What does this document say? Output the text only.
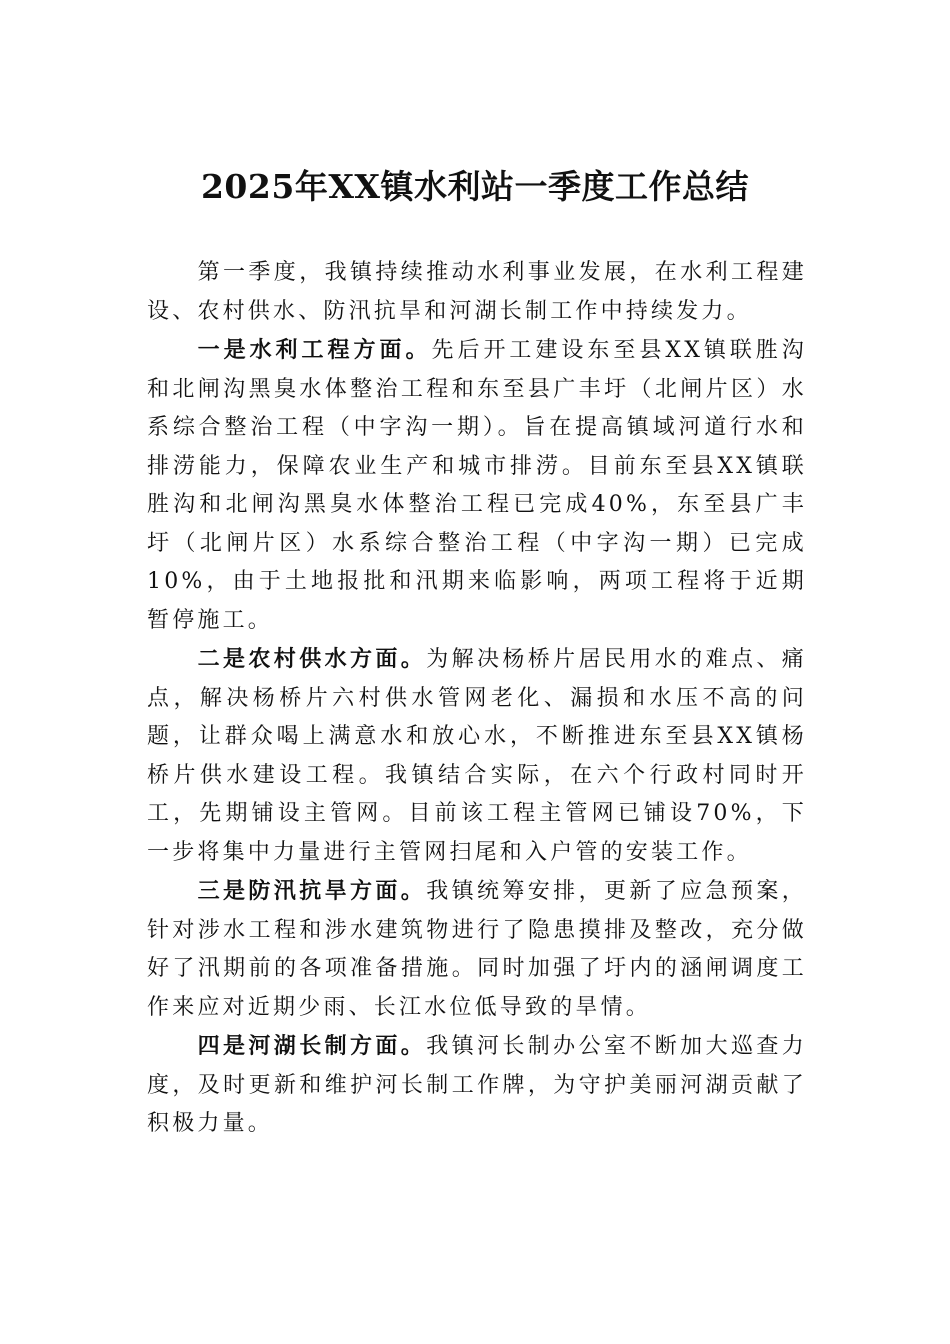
2025年XX镇水利站一季度工作总结

第一季度，我镇持续推动水利事业发展，在水利工程建设、农村供水、防汛抗旱和河湖长制工作中持续发力。

一是水利工程方面。先后开工建设东至县XX镇联胜沟和北闸沟黑臭水体整治工程和东至县广丰圩（北闸片区）水系综合整治工程（中字沟一期）。旨在提高镇域河道行水和排涝能力，保障农业生产和城市排涝。目前东至县XX镇联胜沟和北闸沟黑臭水体整治工程已完成40%，东至县广丰圩（北闸片区）水系综合整治工程（中字沟一期）已完成10%，由于土地报批和汛期来临影响，两项工程将于近期暂停施工。

二是农村供水方面。为解决杨桥片居民用水的难点、痛点，解决杨桥片六村供水管网老化、漏损和水压不高的问题，让群众喝上满意水和放心水，不断推进东至县XX镇杨桥片供水建设工程。我镇结合实际，在六个行政村同时开工，先期铺设主管网。目前该工程主管网已铺设70%，下一步将集中力量进行主管网扫尾和入户管的安装工作。

三是防汛抗旱方面。我镇统筹安排，更新了应急预案，针对涉水工程和涉水建筑物进行了隐患摸排及整改，充分做好了汛期前的各项准备措施。同时加强了圩内的涵闸调度工作来应对近期少雨、长江水位低导致的旱情。

四是河湖长制方面。我镇河长制办公室不断加大巡查力度，及时更新和维护河长制工作牌，为守护美丽河湖贡献了积极力量。
